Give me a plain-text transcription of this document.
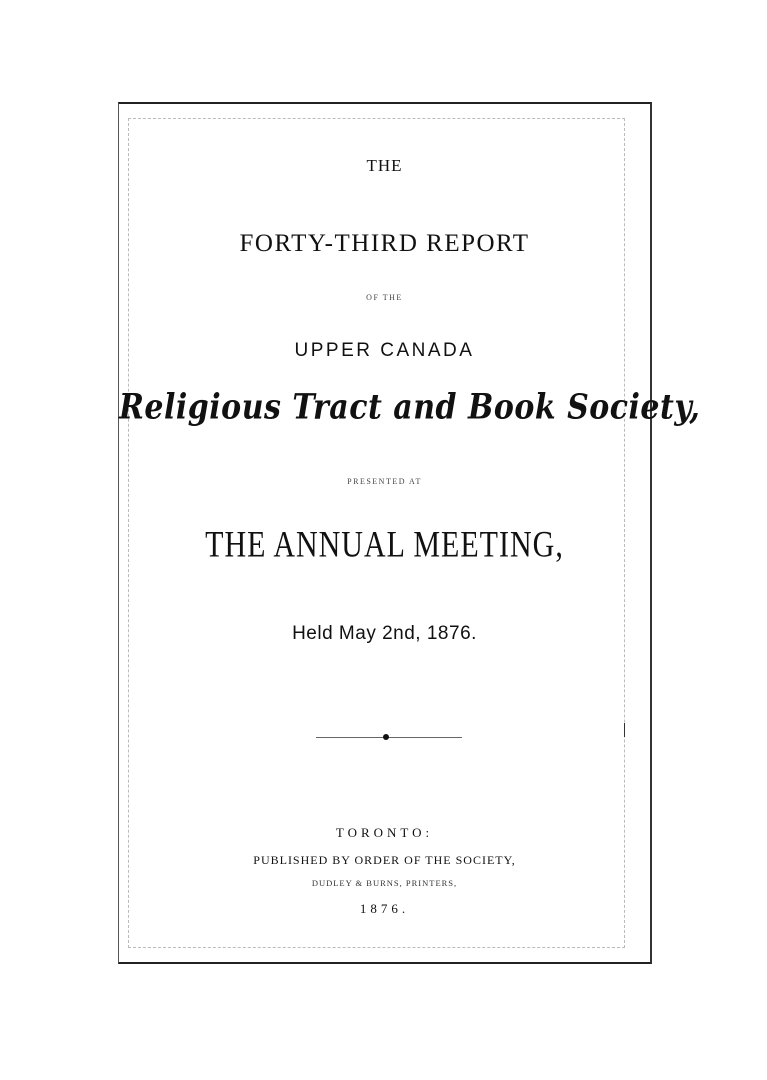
THE
FORTY-THIRD REPORT
OF THE
UPPER CANADA
Religious Tract and Book Society,
PRESENTED AT
THE ANNUAL MEETING,
Held May 2nd, 1876.
TORONTO:
PUBLISHED BY ORDER OF THE SOCIETY,
DUDLEY & BURNS, PRINTERS,
1876.
